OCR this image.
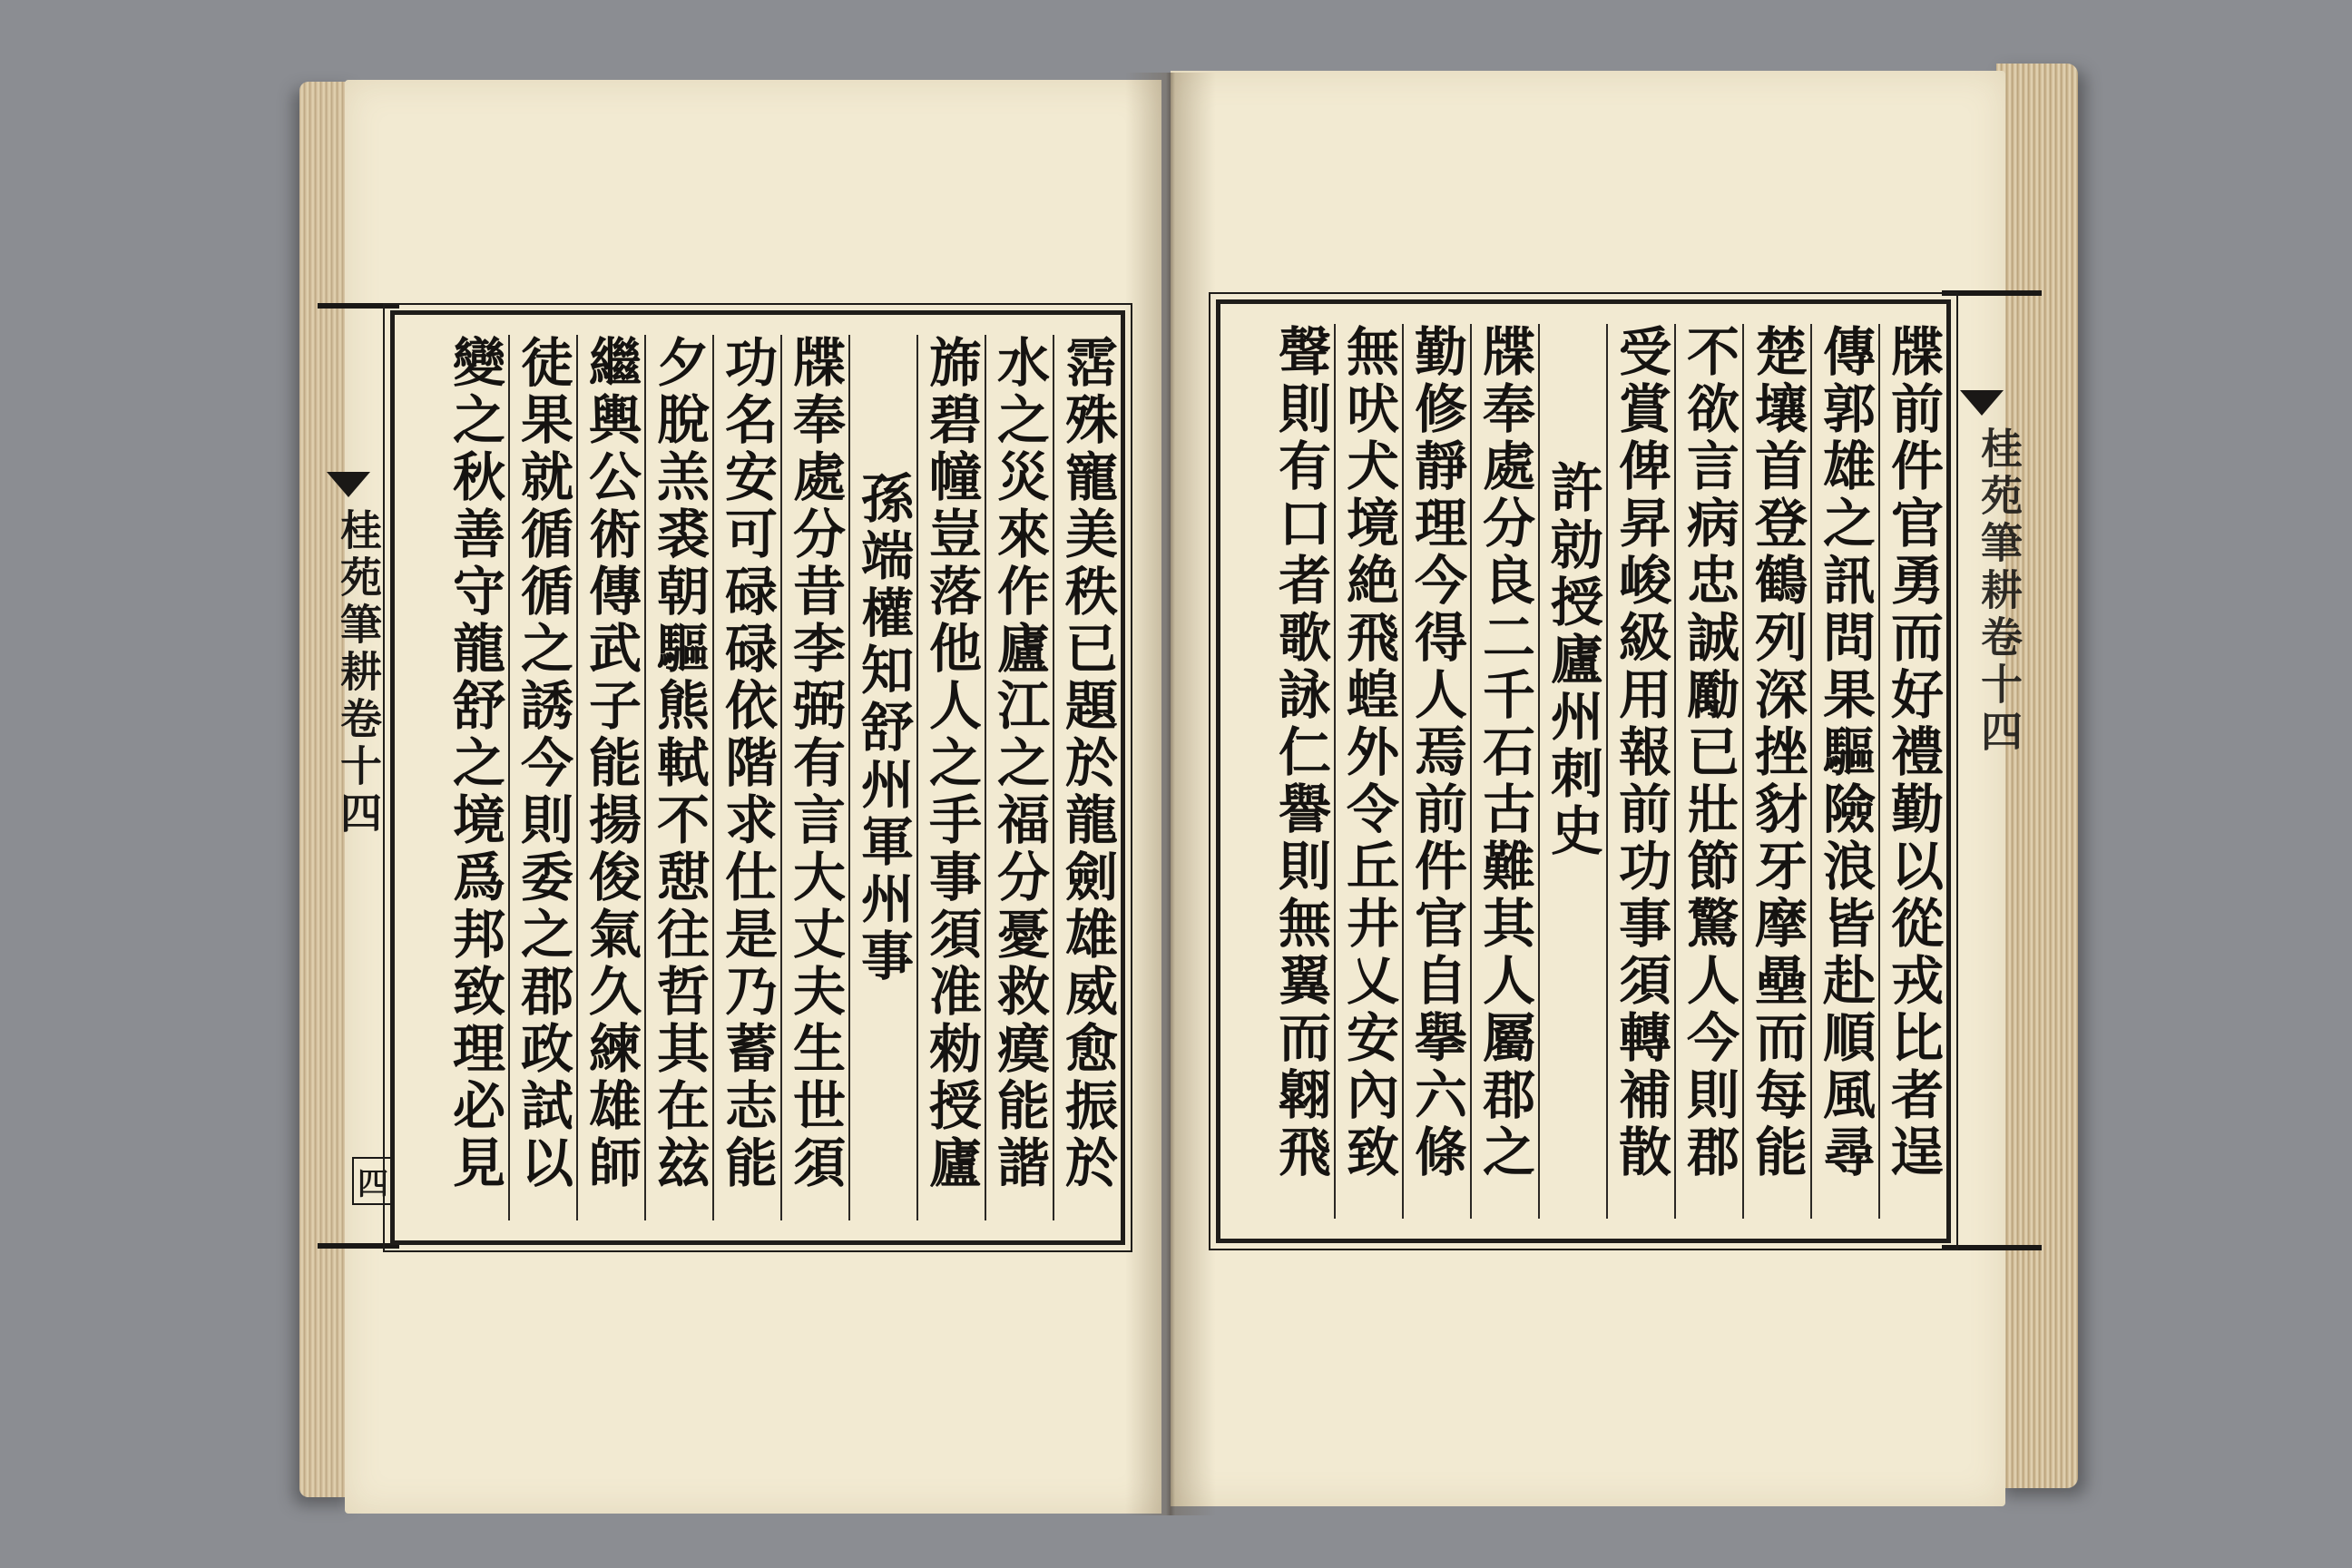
桂苑筆耕卷十四
四
桂苑筆耕卷十四
霑殊寵美秩已題於龍劍雄威愈振於
水之災來作廬江之福分憂救瘼能諧
旆碧幢豈落他人之手事須准勑授廬
孫端權知舒州軍州事
牒奉處分昔李弼有言大丈夫生世須
功名安可碌碌依階求仕是乃蓄志能
夕脫羔裘朝驅熊軾不憇往哲其在玆
繼輿公術傳武子能揚俊氣久練雄師
徒果就循循之誘今則委之郡政試以
變之秋善守龍舒之境爲邦致理必見
牒前件官勇而好禮勤以從戎比者逞
傳郭雄之訊問果驅險浪皆赴順風尋
楚壤首登鶴列深挫豺牙摩壘而每能
不欲言病忠誠勵已壯節驚人今則郡
受賞俾昇峻級用報前功事須轉補散
許勍授廬州刺史
牒奉處分良二千石古難其人屬郡之
勤修靜理今得人焉前件官自擧六條
無吠犬境絶飛蝗外令丘井乂安內致
聲則有口者歌詠仁譽則無翼而翺飛
